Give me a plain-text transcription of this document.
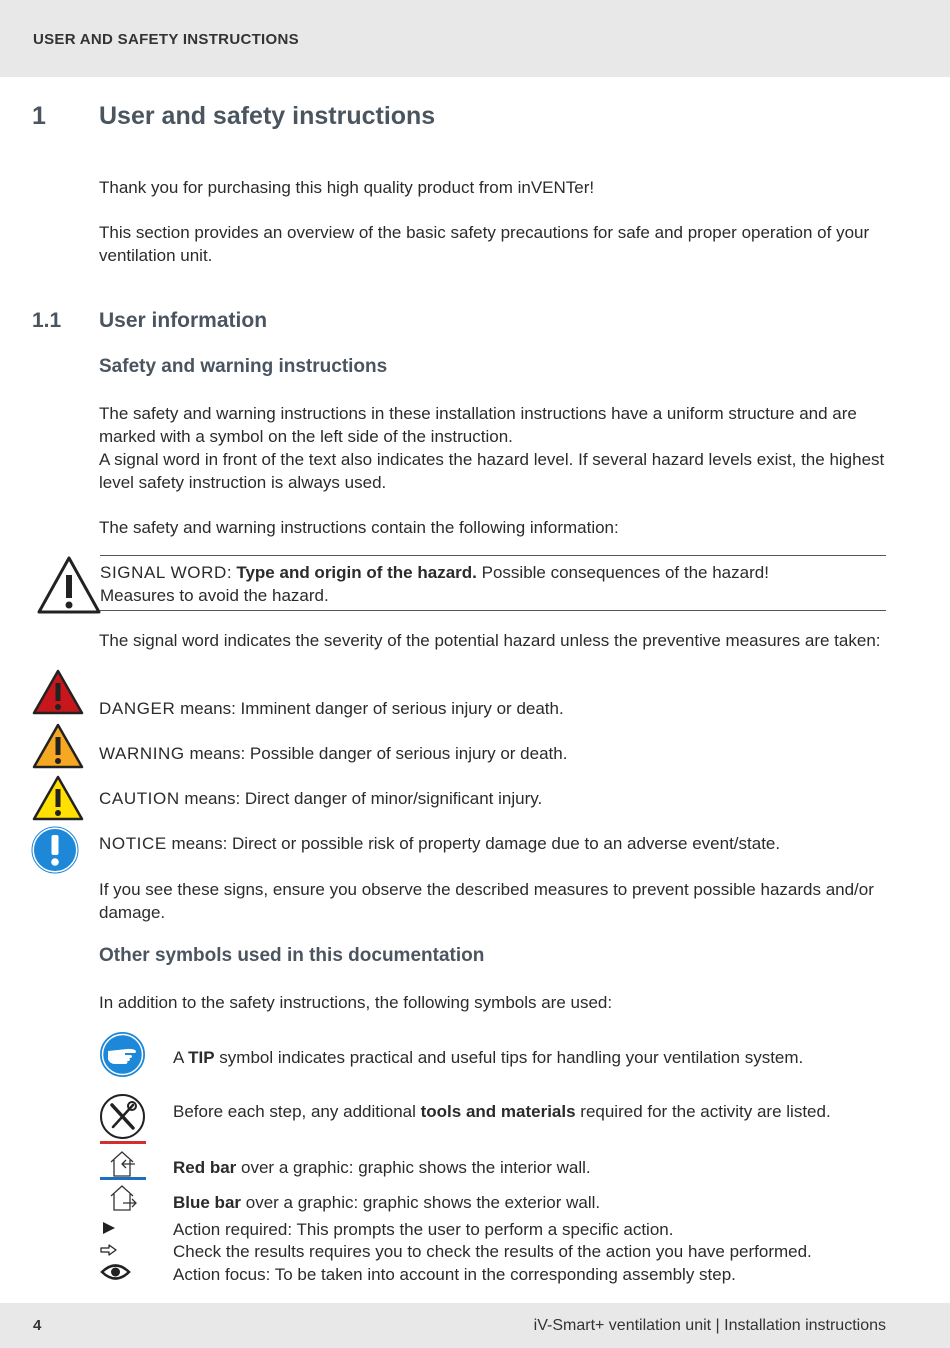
USER AND SAFETY INSTRUCTIONS
1 User and safety instructions
Thank you for purchasing this high quality product from inVENTer!
This section provides an overview of the basic safety precautions for safe and proper operation of your ventilation unit.
1.1 User information
Safety and warning instructions
The safety and warning instructions in these installation instructions have a uniform structure and are marked with a symbol on the left side of the instruction.
A signal word in front of the text also indicates the hazard level. If several hazard levels exist, the highest level safety instruction is always used.
The safety and warning instructions contain the following information:
SIGNAL WORD: Type and origin of the hazard. Possible consequences of the hazard!
Measures to avoid the hazard.
The signal word indicates the severity of the potential hazard unless the preventive measures are taken:
DANGER means: Imminent danger of serious injury or death.
WARNING means: Possible danger of serious injury or death.
CAUTION means: Direct danger of minor/significant injury.
NOTICE means: Direct or possible risk of property damage due to an adverse event/state.
If you see these signs, ensure you observe the described measures to prevent possible hazards and/or damage.
Other symbols used in this documentation
In addition to the safety instructions, the following symbols are used:
A TIP symbol indicates practical and useful tips for handling your ventilation system.
Before each step, any additional tools and materials required for the activity are listed.
Red bar over a graphic: graphic shows the interior wall.
Blue bar over a graphic: graphic shows the exterior wall.
Action required: This prompts the user to perform a specific action.
Check the results requires you to check the results of the action you have performed.
Action focus: To be taken into account in the corresponding assembly step.
4	iV-Smart+ ventilation unit | Installation instructions
